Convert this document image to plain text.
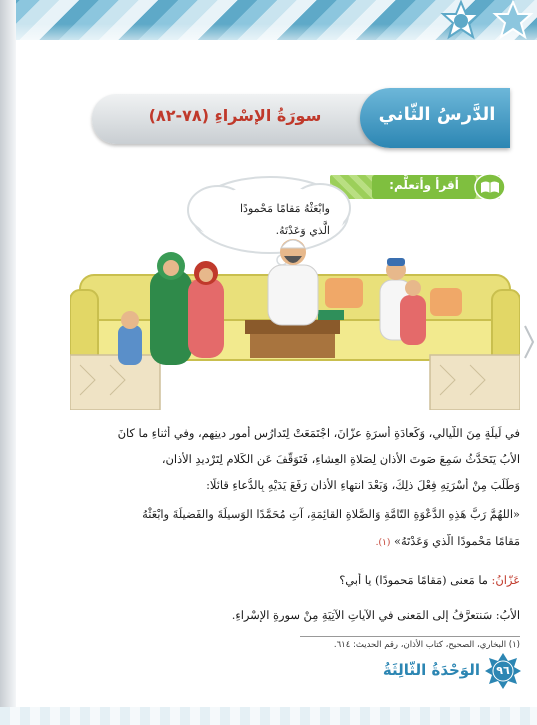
الدَّرسُ الثّاني
سورَةُ الإسْراءِ (٧٨-٨٢)
أقرأ وأتعلَّم:
وابْعَثْهُ مَقامًا مَحْمودًا
الَّذي وَعَدْتَهُ.
في لَيلَةٍ مِنَ اللَّيالي، وَكَعادَةِ أُسرَةِ عزّانَ، اجْتَمَعَتْ لِتَدارُسِ أُمورِ دينِهِم، وفي أثناءِ ما كانَ
الأَبُ يَتَحَدَّثُ سَمِعَ صَوتَ الأَذانِ لِصَلاةِ العِشاءِ، فَتَوَقَّفَ عَنِ الكَلامِ لِتَرْديدِ الأَذانِ،
وَطَلَبَ مِنْ أُسْرَتِهِ فِعْلَ ذلِكَ، وَبَعْدَ انتهاءِ الأذانِ رَفَعَ يَدَيْهِ بِالدُّعاءِ قائلًا:
«اللهُمَّ رَبَّ هَذِهِ الدَّعْوَةِ التّامَّةِ وَالصَّلاةِ القائِمَةِ، آتِ مُحَمَّدًا الوَسيلَةَ والفَضيلَةَ وابْعَثْهُ
مَقامًا مَحْمودًا الَّذي وَعَدْتَهُ» (١).
عَزّانُ: ما مَعنى (مَقامًا مَحمودًا) يا أبي؟
الأَبُ: سَنتعرَّفُ إلى المَعنى في الآياتِ الآتِيَةِ مِنْ سورةِ الإسْراءِ.
(١) البخاري، الصحيح، كتاب الأذان، رقم الحديث: ٦١٤.
الوَحْدَةُ الثّالِثَةُ	٩٦
